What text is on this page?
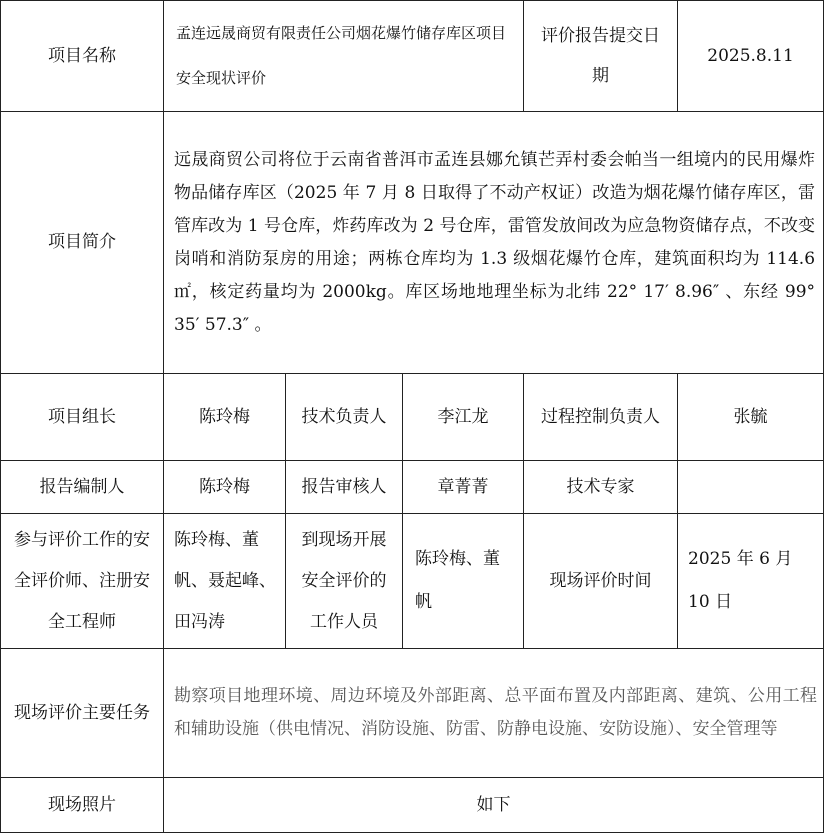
项目名称	孟连远晟商贸有限责任公司烟花爆竹储存库区项目安全现状评价			评价报告提交日期	2025.8.11
项目简介	远晟商贸公司将位于云南省普洱市孟连县娜允镇芒弄村委会帕当一组境内的民用爆炸物品储存库区（2025 年 7 月 8 日取得了不动产权证）改造为烟花爆竹储存库区，雷管库改为 1 号仓库，炸药库改为 2 号仓库，雷管发放间改为应急物资储存点，不改变岗哨和消防泵房的用途；两栋仓库均为 1.3 级烟花爆竹仓库，建筑面积均为 114.6㎡，核定药量均为 2000kg。库区场地地理坐标为北纬 22° 17′ 8.96″ 、东经 99° 35′ 57.3″ 。				
项目组长	陈玲梅	技术负责人	李江龙	过程控制负责人	张毓
报告编制人	陈玲梅	报告审核人	章菁菁	技术专家	
参与评价工作的安全评价师、注册安全工程师	陈玲梅、董帆、聂起峰、田冯涛	到现场开展安全评价的工作人员	陈玲梅、董帆	现场评价时间	2025 年 6 月 10 日
现场评价主要任务	勘察项目地理环境、周边环境及外部距离、总平面布置及内部距离、建筑、公用工程和辅助设施（供电情况、消防设施、防雷、防静电设施、安防设施）、安全管理等				
现场照片	如下				
